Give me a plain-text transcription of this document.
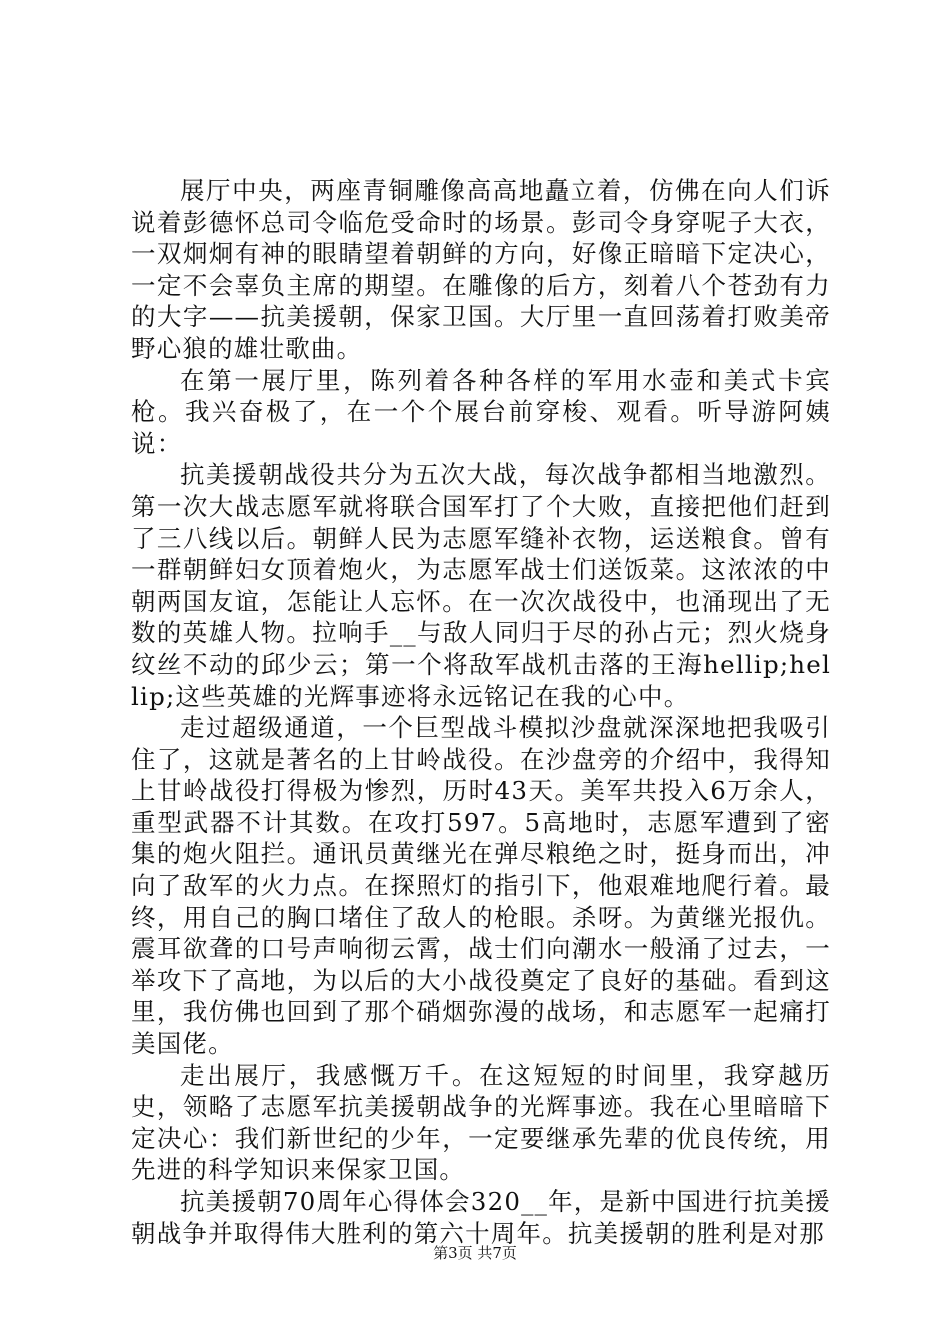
展厅中央，两座青铜雕像高高地矗立着，仿佛在向人们诉说着彭德怀总司令临危受命时的场景。彭司令身穿呢子大衣，一双炯炯有神的眼睛望着朝鲜的方向，好像正暗暗下定决心，一定不会辜负主席的期望。在雕像的后方，刻着八个苍劲有力的大字——抗美援朝，保家卫国。大厅里一直回荡着打败美帝野心狼的雄壮歌曲。

在第一展厅里，陈列着各种各样的军用水壶和美式卡宾枪。我兴奋极了，在一个个展台前穿梭、观看。听导游阿姨说：

抗美援朝战役共分为五次大战，每次战争都相当地激烈。第一次大战志愿军就将联合国军打了个大败，直接把他们赶到了三八线以后。朝鲜人民为志愿军缝补衣物，运送粮食。曾有一群朝鲜妇女顶着炮火，为志愿军战士们送饭菜。这浓浓的中朝两国友谊，怎能让人忘怀。在一次次战役中，也涌现出了无数的英雄人物。拉响手__与敌人同归于尽的孙占元；烈火烧身纹丝不动的邱少云；第一个将敌军战机击落的王海hellip;hellip;这些英雄的光辉事迹将永远铭记在我的心中。

走过超级通道，一个巨型战斗模拟沙盘就深深地把我吸引住了，这就是著名的上甘岭战役。在沙盘旁的介绍中，我得知上甘岭战役打得极为惨烈，历时43天。美军共投入6万余人，重型武器不计其数。在攻打597。5高地时，志愿军遭到了密集的炮火阻拦。通讯员黄继光在弹尽粮绝之时，挺身而出，冲向了敌军的火力点。在探照灯的指引下，他艰难地爬行着。最终，用自己的胸口堵住了敌人的枪眼。杀呀。为黄继光报仇。震耳欲聋的口号声响彻云霄，战士们向潮水一般涌了过去，一举攻下了高地，为以后的大小战役奠定了良好的基础。看到这里，我仿佛也回到了那个硝烟弥漫的战场，和志愿军一起痛打美国佬。

走出展厅，我感慨万千。在这短短的时间里，我穿越历史，领略了志愿军抗美援朝战争的光辉事迹。我在心里暗暗下定决心：我们新世纪的少年，一定要继承先辈的优良传统，用先进的科学知识来保家卫国。

抗美援朝70周年心得体会320__年，是新中国进行抗美援朝战争并取得伟大胜利的第六十周年。抗美援朝的胜利是对那

第3页 共7页
